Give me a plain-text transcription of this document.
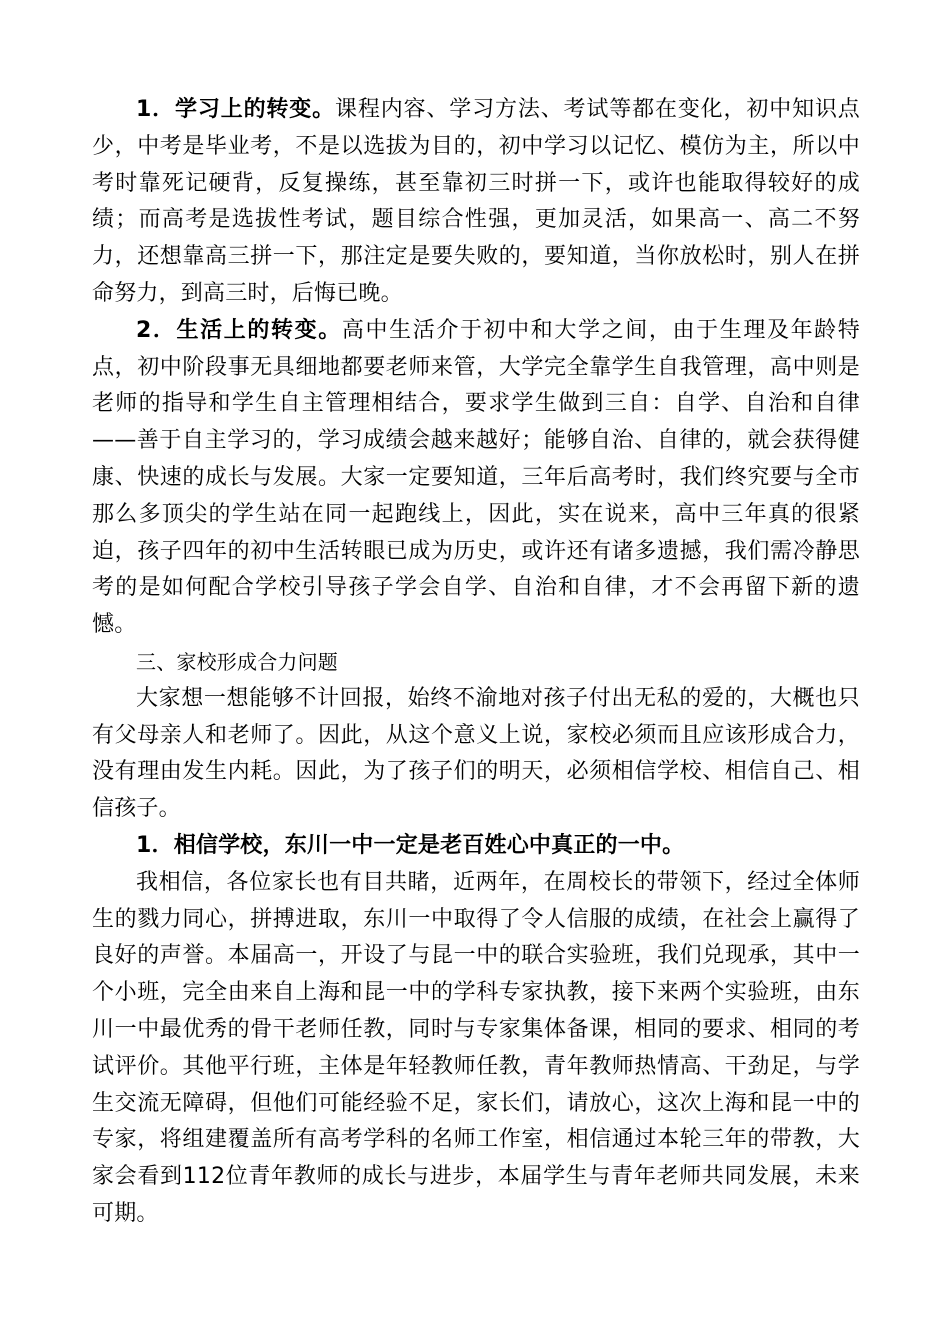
1．学习上的转变。课程内容、学习方法、考试等都在变化，初中知识点少，中考是毕业考，不是以选拔为目的，初中学习以记忆、模仿为主，所以中考时靠死记硬背，反复操练，甚至靠初三时拼一下，或许也能取得较好的成绩；而高考是选拔性考试，题目综合性强，更加灵活，如果高一、高二不努力，还想靠高三拼一下，那注定是要失败的，要知道，当你放松时，别人在拼命努力，到高三时，后悔已晚。

2．生活上的转变。高中生活介于初中和大学之间，由于生理及年龄特点，初中阶段事无具细地都要老师来管，大学完全靠学生自我管理，高中则是老师的指导和学生自主管理相结合，要求学生做到三自：自学、自治和自律——善于自主学习的，学习成绩会越来越好；能够自治、自律的，就会获得健康、快速的成长与发展。大家一定要知道，三年后高考时，我们终究要与全市那么多顶尖的学生站在同一起跑线上，因此，实在说来，高中三年真的很紧迫，孩子四年的初中生活转眼已成为历史，或许还有诸多遗撼，我们需冷静思考的是如何配合学校引导孩子学会自学、自治和自律，才不会再留下新的遗憾。

三、家校形成合力问题

大家想一想能够不计回报，始终不渝地对孩子付出无私的爱的，大概也只有父母亲人和老师了。因此，从这个意义上说，家校必须而且应该形成合力，没有理由发生内耗。因此，为了孩子们的明天，必须相信学校、相信自己、相信孩子。

1．相信学校，东川一中一定是老百姓心中真正的一中。

我相信，各位家长也有目共睹，近两年，在周校长的带领下，经过全体师生的戮力同心，拼搏进取，东川一中取得了令人信服的成绩，在社会上赢得了良好的声誉。本届高一，开设了与昆一中的联合实验班，我们兑现承，其中一个小班，完全由来自上海和昆一中的学科专家执教，接下来两个实验班，由东川一中最优秀的骨干老师任教，同时与专家集体备课，相同的要求、相同的考试评价。其他平行班，主体是年轻教师任教，青年教师热情高、干劲足，与学生交流无障碍，但他们可能经验不足，家长们，请放心，这次上海和昆一中的专家，将组建覆盖所有高考学科的名师工作室，相信通过本轮三年的带教，大家会看到112位青年教师的成长与进步，本届学生与青年老师共同发展，未来可期。
